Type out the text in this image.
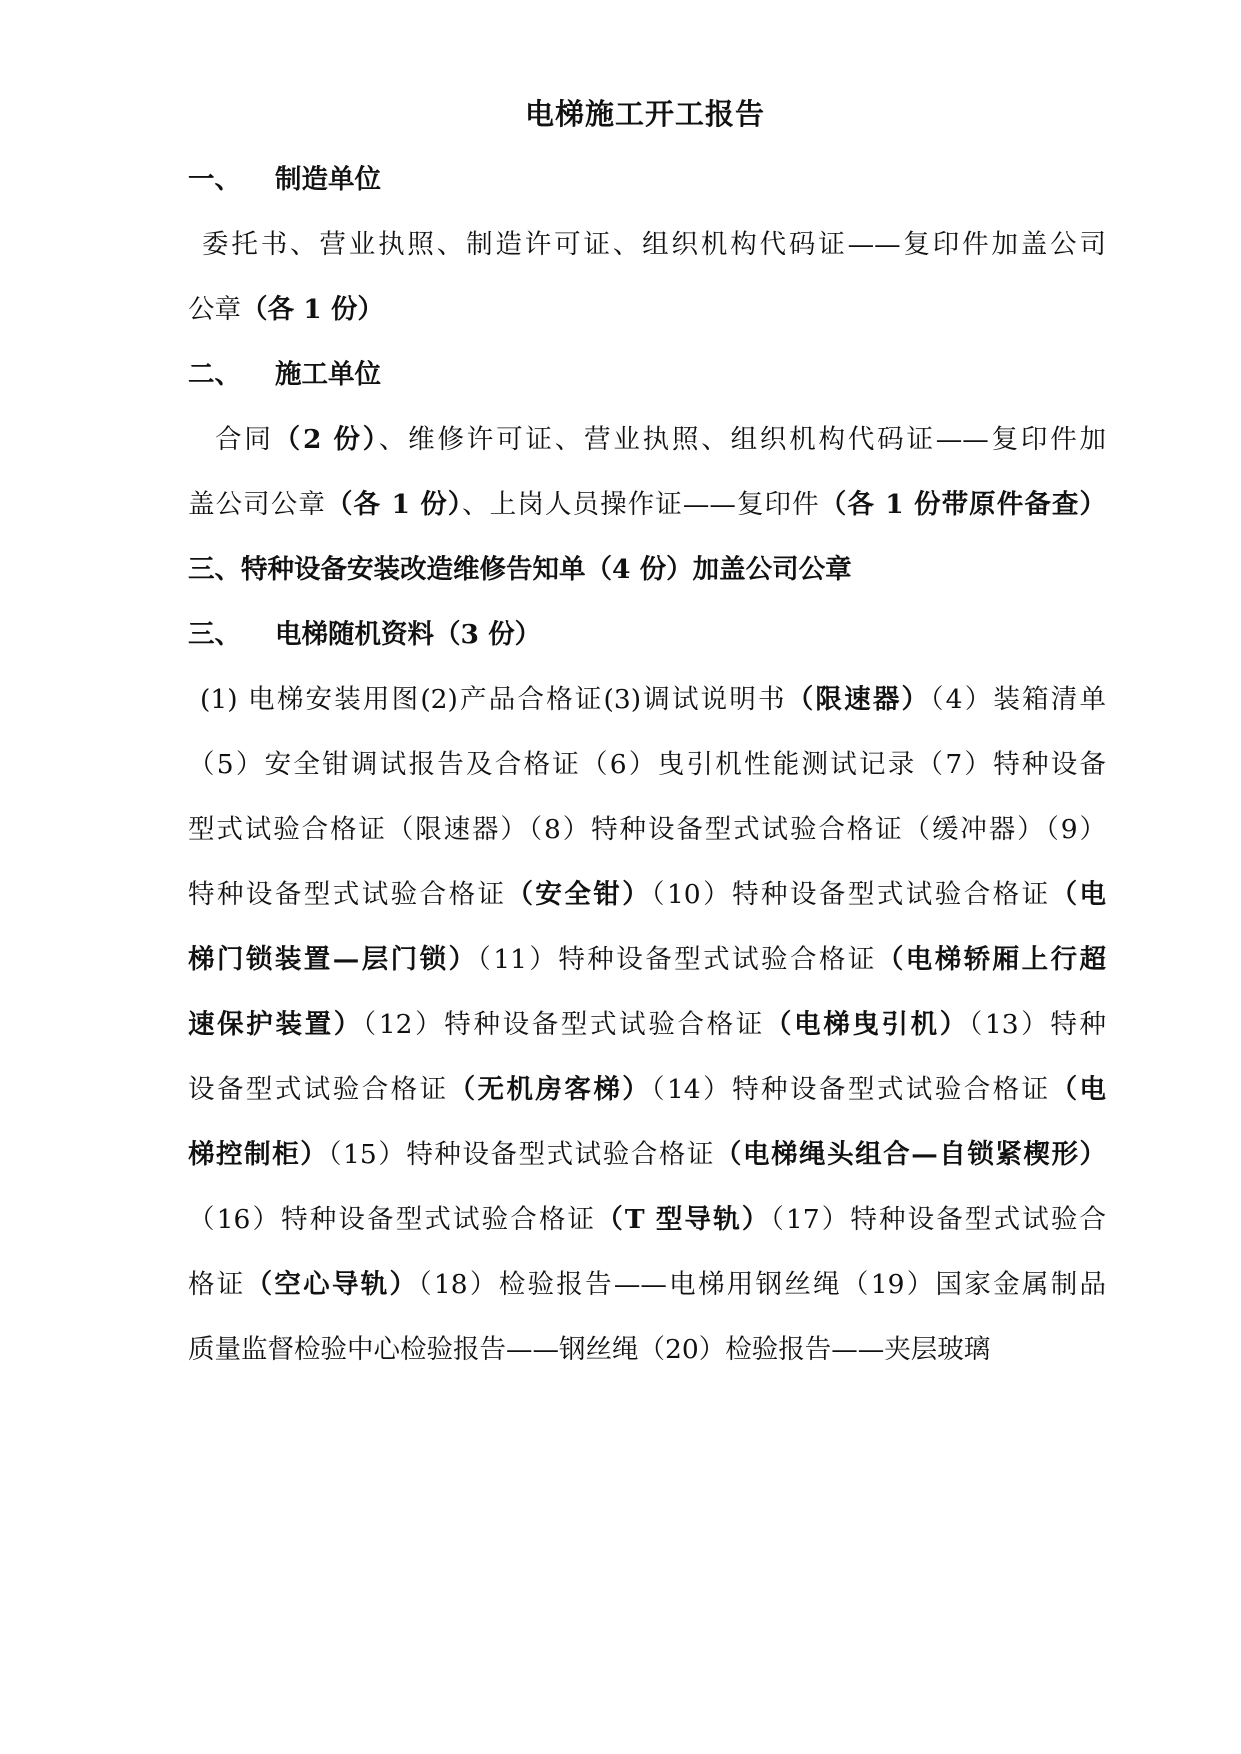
电梯施工开工报告
一、 制造单位
委托书、营业执照、制造许可证、组织机构代码证——复印件加盖公司
公章（各 1 份）
二、 施工单位
合同（2 份）、维修许可证、营业执照、组织机构代码证——复印件加
盖公司公章（各 1 份）、上岗人员操作证——复印件（各 1 份带原件备查）
三、特种设备安装改造维修告知单（4 份）加盖公司公章
三、 电梯随机资料（3 份）
(1) 电梯安装用图(2)产品合格证(3)调试说明书（限速器）（4）装箱清单
（5）安全钳调试报告及合格证（6）曳引机性能测试记录（7）特种设备
型式试验合格证（限速器）（8）特种设备型式试验合格证（缓冲器）（9）
特种设备型式试验合格证（安全钳）（10）特种设备型式试验合格证（电
梯门锁装置—层门锁）（11）特种设备型式试验合格证（电梯轿厢上行超
速保护装置）（12）特种设备型式试验合格证（电梯曳引机）（13）特种
设备型式试验合格证（无机房客梯）（14）特种设备型式试验合格证（电
梯控制柜）（15）特种设备型式试验合格证（电梯绳头组合—自锁紧楔形）
（16）特种设备型式试验合格证（T 型导轨）（17）特种设备型式试验合
格证（空心导轨）（18）检验报告——电梯用钢丝绳（19）国家金属制品
质量监督检验中心检验报告——钢丝绳（20）检验报告——夹层玻璃
